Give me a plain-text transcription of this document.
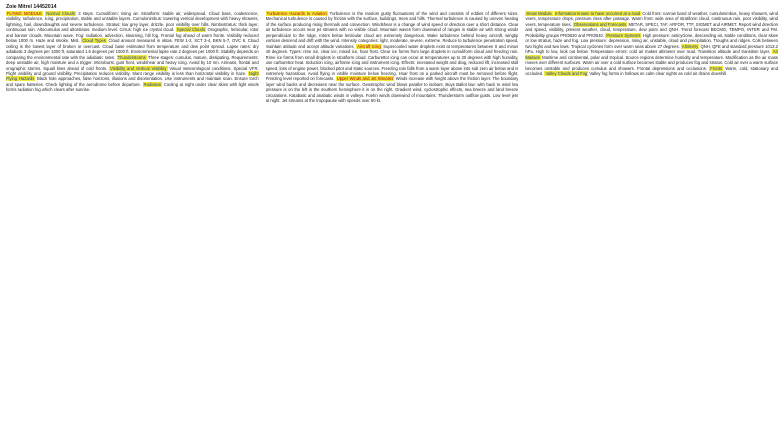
Zoie Mitrel 14452014

FLYING MODULE Normal Clouds 3 steps. Cumuliform: rising air. Stratiform: stable air, widespread. Cloud base, coalescence, visibility, turbulence, icing, precipitation, stable and unstable layers. Cumulonimbus: towering vertical development with heavy showers, lightning, hail, downdraughts and severe turbulence. Stratus: low grey layer, drizzle, poor visibility over hills. Nimbostratus: thick layer, continuous rain. Altocumulus and altostratus: medium level. Cirrus: high ice crystal cloud. Special Clouds Orographic, lenticular, rotor and banner clouds. Mountain wave. Fog: radiation, advection, steaming, hill fog. Frontal fog ahead of warm fronts. Visibility reduced below 1000 m. Haze and smoke. Mist. Cloud Types Cloud amount measured in oktas. FEW 1-2, SCT 3-4, BKN 5-7, OVC 8. Cloud ceiling is the lowest layer of broken or overcast. Cloud base estimated from temperature and dew point spread. Lapse rates: dry adiabatic 3 degrees per 1000 ft, saturated 1.5 degrees per 1000 ft. Environmental lapse rate 2 degrees per 1000 ft. Stability depends on comparing the environmental rate with the adiabatic rates. Thunderstorms Three stages: cumulus, mature, dissipating. Requirements: deep unstable air, high moisture and a trigger. Microburst, gust front, windshear and heavy icing. Avoid by 10 nm. Airmass, frontal and orographic storms. Squall lines ahead of cold fronts. Visibility and Vertical Visibility Visual meteorological conditions. Special VFR. Flight visibility and ground visibility. Precipitation reduces visibility. Slant range visibility is less than horizontal visibility in haze. Night Flying Hazards Black hole approaches, false horizons, illusions and disorientation. Use instruments and maintain scan. Ensure torch and spare batteries. Check lighting of the aerodrome before departure. Radiation Cooling at night under clear skies with light winds forms radiation fog which clears after sunrise.

Turbulence Hazards to Aviation Turbulence is the random gusty fluctuations of the wind and consists of eddies of different sizes. Mechanical turbulence is caused by friction with the surface, buildings, trees and hills. Thermal turbulence is caused by uneven heating of the surface producing rising thermals and convection. Windshear is a change of wind speed or direction over a short distance. Clear air turbulence occurs near jet streams with no visible cloud. Mountain waves form downwind of ranges in stable air with strong winds perpendicular to the ridge, rotors below lenticular cloud are extremely dangerous. Wake turbulence behind heavy aircraft, wingtip vortices descend and drift with the wind. Intensity categories: light, moderate, severe, extreme. Reduce to turbulence penetration speed, maintain attitude and accept altitude variations. Aircraft Icing Supercooled water droplets exist at temperatures between 0 and minus 40 degrees. Types: rime ice, clear ice, mixed ice, hoar frost. Clear ice forms from large droplets in cumuliform cloud and freezing rain. Rime ice forms from small droplets in stratiform cloud. Carburettor icing can occur at temperatures up to 30 degrees with high humidity, use carburettor heat. Induction icing, airframe icing and instrument icing. Effects: increased weight and drag, reduced lift, increased stall speed, loss of engine power, blocked pitot and static sources. Freezing rain falls from a warm layer above into sub zero air below and is extremely hazardous. Avoid flying in visible moisture below freezing. Hoar frost on a parked aircraft must be removed before flight. Freezing level reported on forecasts. Upper Winds and Jet Streams Winds increase with height above the friction layer. The boundary layer wind backs and decreases near the surface. Geostrophic wind blows parallel to isobars. Buys Ballot law: with back to wind low pressure is on the left in the southern hemisphere it is on the right. Gradient wind, cyclostrophic effects, sea breeze and land breeze circulations. Katabatic and anabatic winds in valleys. Foehn winds downwind of mountains. Thunderstorm outflow gusts. Low level jets at night. Jet streams at the tropopause with speeds over 60 kt.

Snow Module Information known to have occurred at a road Cold front: narrow band of weather, cumulonimbus, heavy showers, wind veers, temperature drops, pressure rises after passage. Warm front: wide area of stratiform cloud, continuous rain, poor visibility, wind veers, temperature rises. Observations and Forecasts METAR, SPECI, TAF, ARFOR, TTF, SIGMET and AIRMET. Report wind direction and speed, visibility, present weather, cloud, temperature, dew point and QNH. Trend forecast BECMG, TEMPO, INTER and FM. Probability groups PROB30 and PROB40. Pressure Systems High pressure: anticyclone, descending air, stable conditions, clear skies or low stratus, haze and fog. Low pressure: depression, rising air, unstable, cloud and precipitation. Troughs and ridges. Cols between two highs and two lows. Tropical cyclones form over warm seas above 27 degrees. Altimetry QNH, QFE and standard pressure 1013.2 hPa. High to low, look out below. Temperature errors: cold air makes altimeter over read. Transition altitude and transition layer. Air Masses Maritime and continental, polar and tropical. Source regions determine humidity and temperature. Modification as the air mass moves over different surfaces. Warm air over a cold surface becomes stable and produces fog and stratus. Cold air over a warm surface becomes unstable and produces cumulus and showers. Frontal depressions and occlusions. Fronts Warm, cold, stationary and occluded. Valley Clouds and Fog Valley fog forms in hollows on calm clear nights as cold air drains downhill.
